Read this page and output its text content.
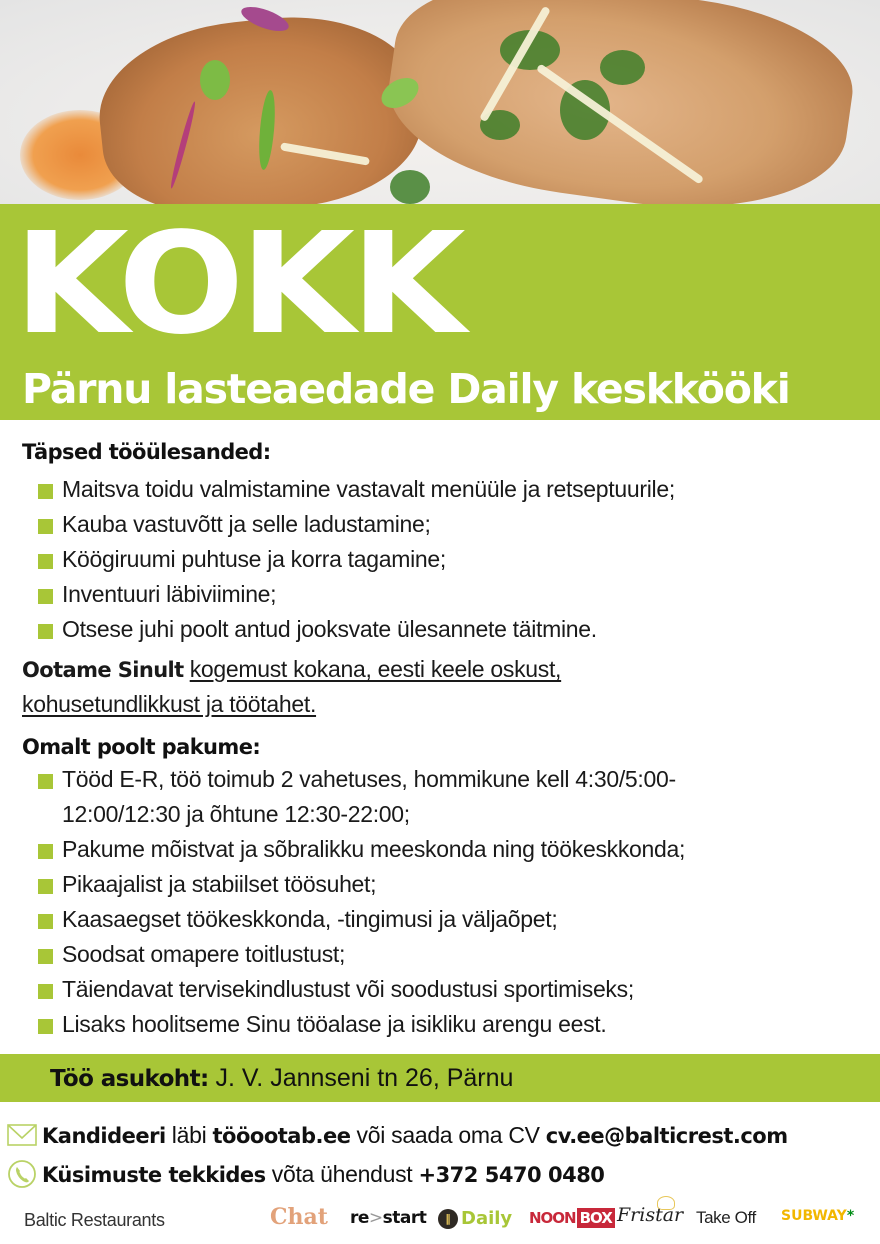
KOKK
Pärnu lasteaedade Daily keskkööki
Täpsed tööülesanded:
Maitsva toidu valmistamine vastavalt menüüle ja retseptuurile;
Kauba vastuvõtt ja selle ladustamine;
Köögiruumi puhtuse ja korra tagamine;
Inventuuri läbiviimine;
Otsese juhi poolt antud jooksvate ülesannete täitmine.
Ootame Sinult kogemust kokana, eesti keele oskust,
kohusetundlikkust ja töötahet.
Omalt poolt pakume:
Tööd E-R, töö toimub 2 vahetuses, hommikune kell 4:30/5:00-
12:00/12:30 ja õhtune 12:30-22:00;
Pakume mõistvat ja sõbralikku meeskonda ning töökeskkonda;
Pikaajalist ja stabiilset töösuhet;
Kaasaegset töökeskkonda, -tingimusi ja väljaõpet;
Soodsat omapere toitlustust;
Täiendavat tervisekindlustust või soodustusi sportimiseks;
Lisaks hoolitseme Sinu tööalase ja isikliku arengu eest.
Töö asukoht: J. V. Jannseni tn 26, Pärnu
Kandideeri läbi tööootab.ee või saada oma CV cv.ee@balticrest.com
Küsimuste tekkides võta ühendust +372 5470 0480
Baltic Restaurants	Chat re>start	‖ Daily NOON BOX Fristar Take Off SUBWAY*
